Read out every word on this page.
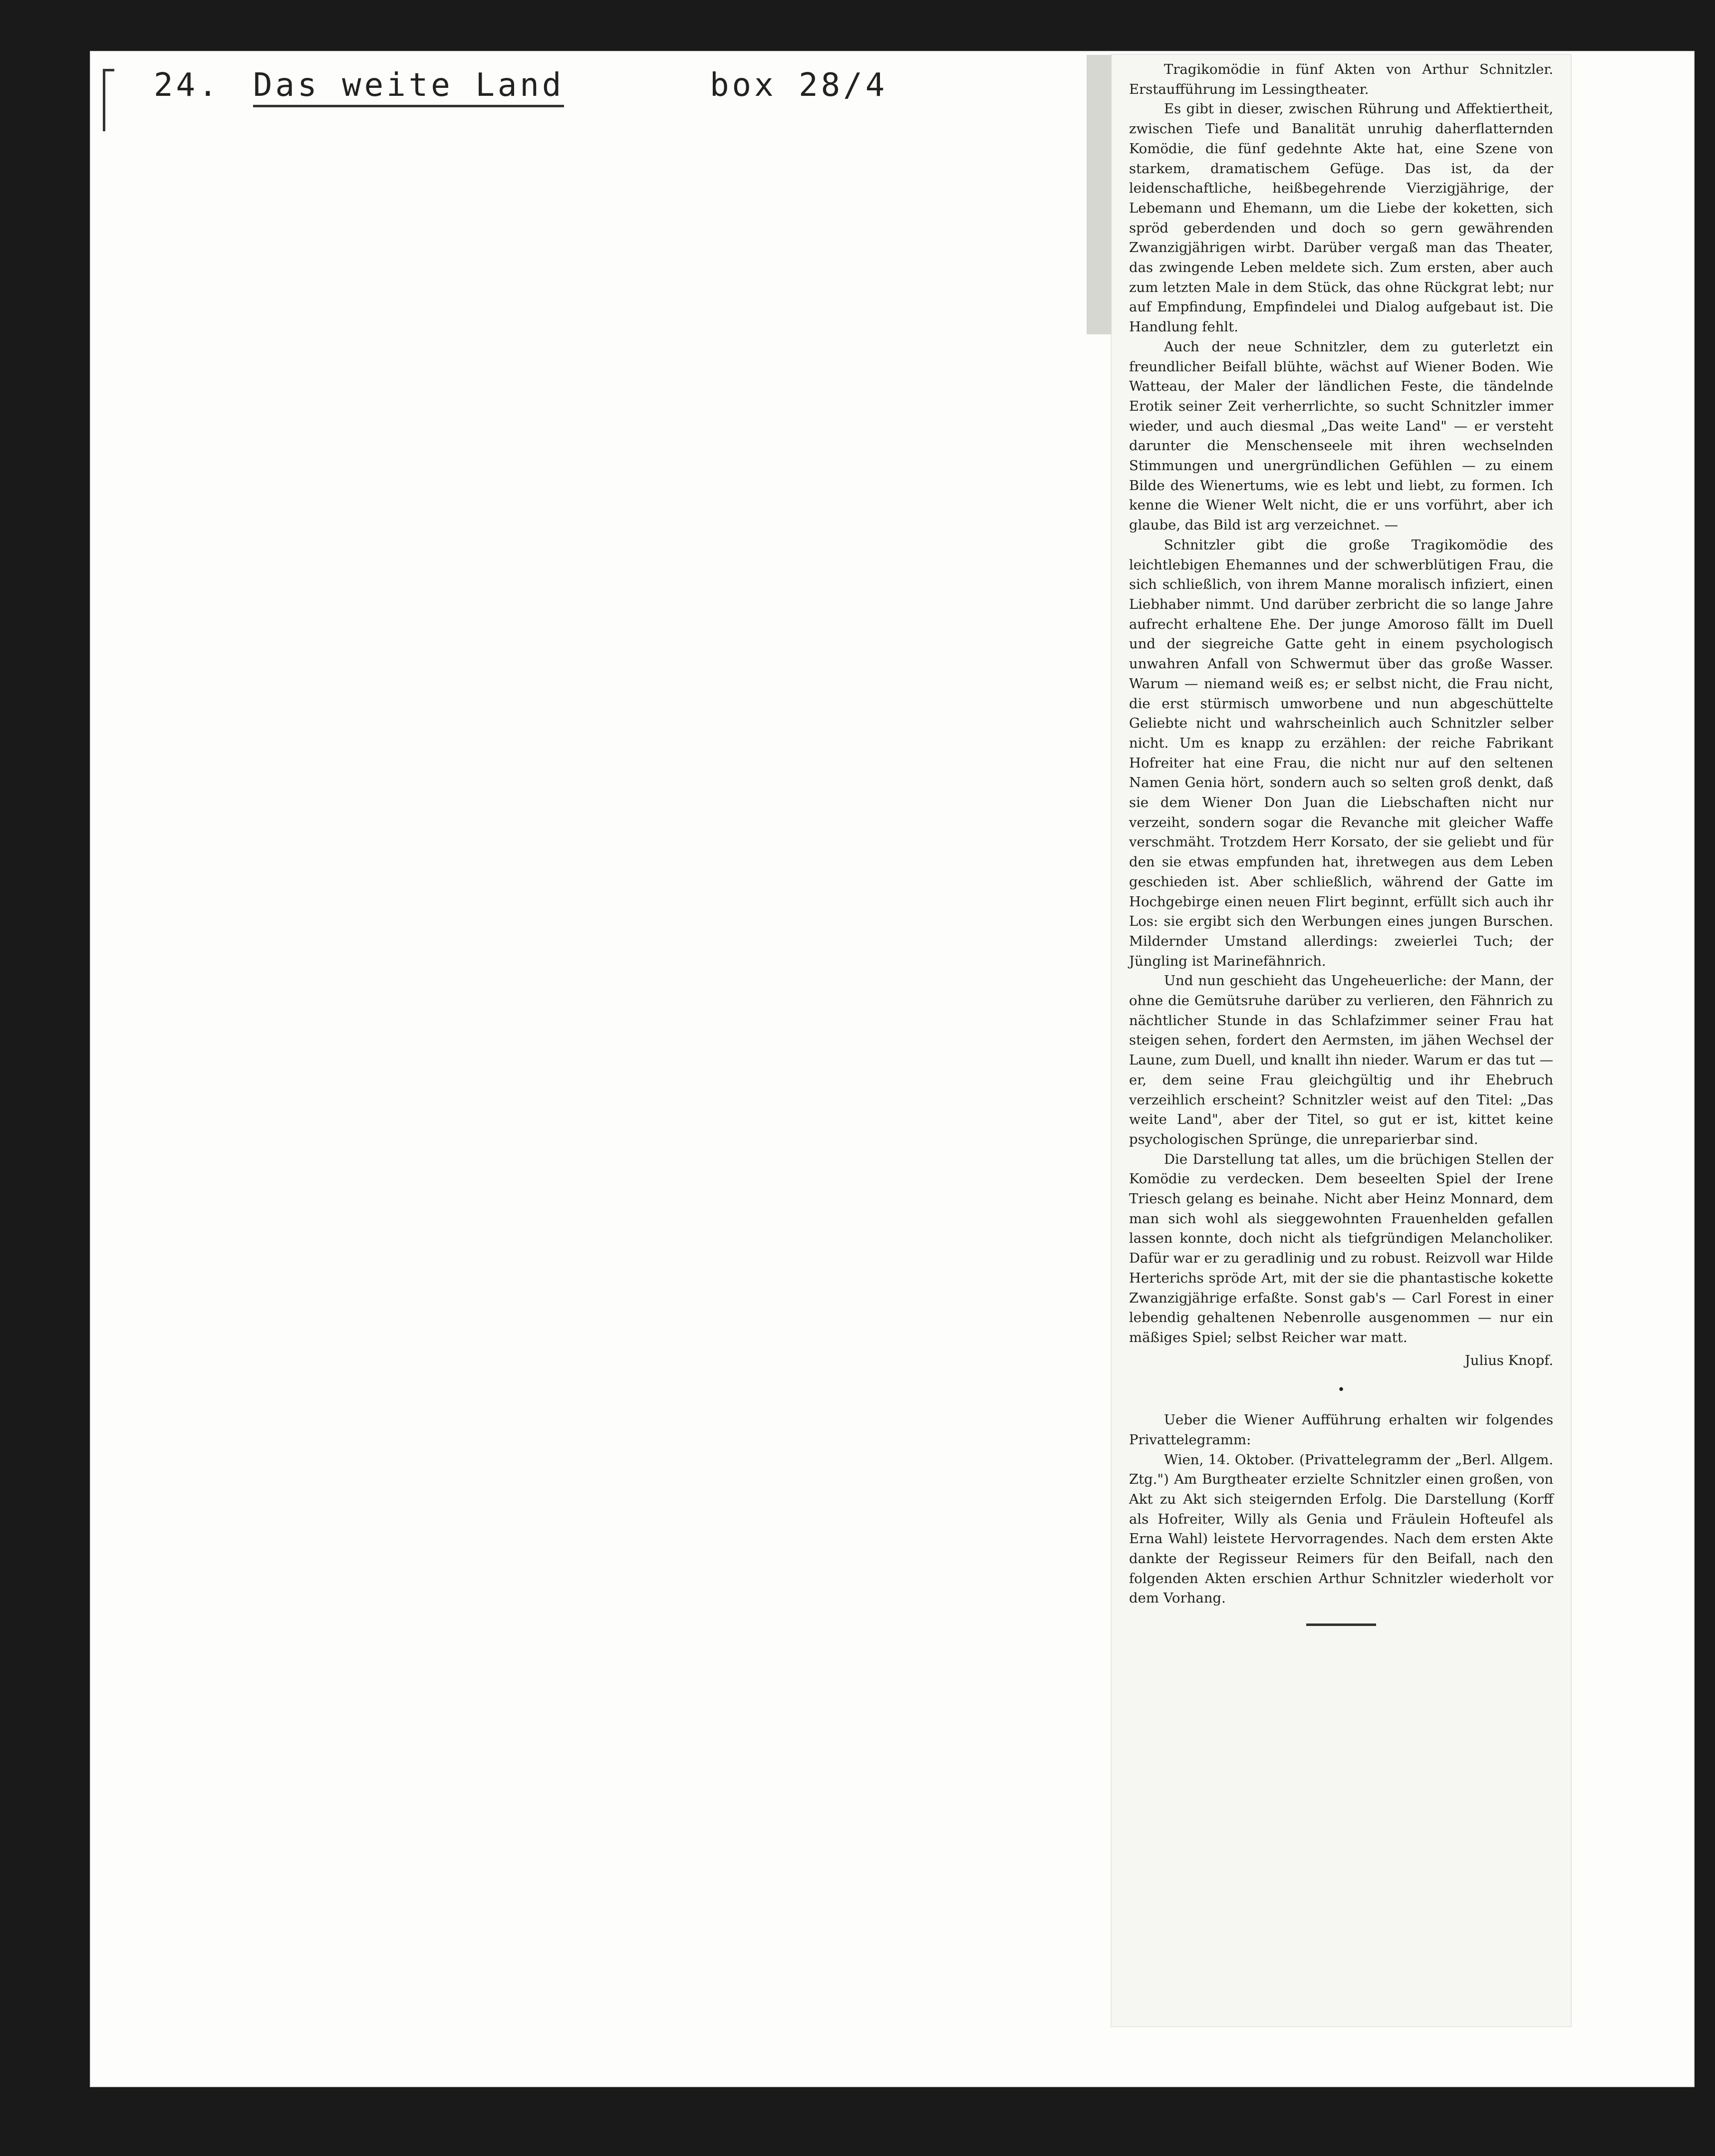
24. Das weite Land	box 28/4	Tragikomödie in fünf Akten von Arthur Schnitzler. Erstaufführung im Lessingtheater.

Es gibt in dieser, zwischen Rührung und Affektiertheit, zwischen Tiefe und Banalität unruhig daherflatternden Komödie, die fünf gedehnte Akte hat, eine Szene von starkem, dramatischem Gefüge. Das ist, da der leidenschaftliche, heißbegehrende Vierzigjährige, der Lebemann und Ehemann, um die Liebe der koketten, sich spröd geberdenden und doch so gern gewährenden Zwanzigjährigen wirbt. Darüber vergaß man das Theater, das zwingende Leben meldete sich. Zum ersten, aber auch zum letzten Male in dem Stück, das ohne Rückgrat lebt; nur auf Empfindung, Empfindelei und Dialog aufgebaut ist. Die Handlung fehlt.

Auch der neue Schnitzler, dem zu guterletzt ein freundlicher Beifall blühte, wächst auf Wiener Boden. Wie Watteau, der Maler der ländlichen Feste, die tändelnde Erotik seiner Zeit verherrlichte, so sucht Schnitzler immer wieder, und auch diesmal „Das weite Land" — er versteht darunter die Menschenseele mit ihren wechselnden Stimmungen und unergründlichen Gefühlen — zu einem Bilde des Wienertums, wie es lebt und liebt, zu formen. Ich kenne die Wiener Welt nicht, die er uns vorführt, aber ich glaube, das Bild ist arg verzeichnet. —

Schnitzler gibt die große Tragikomödie des leichtlebigen Ehemannes und der schwerblütigen Frau, die sich schließlich, von ihrem Manne moralisch infiziert, einen Liebhaber nimmt. Und darüber zerbricht die so lange Jahre aufrecht erhaltene Ehe. Der junge Amoroso fällt im Duell und der siegreiche Gatte geht in einem psychologisch unwahren Anfall von Schwermut über das große Wasser. Warum — niemand weiß es; er selbst nicht, die Frau nicht, die erst stürmisch umworbene und nun abgeschüttelte Geliebte nicht und wahrscheinlich auch Schnitzler selber nicht. Um es knapp zu erzählen: der reiche Fabrikant Hofreiter hat eine Frau, die nicht nur auf den seltenen Namen Genia hört, sondern auch so selten groß denkt, daß sie dem Wiener Don Juan die Liebschaften nicht nur verzeiht, sondern sogar die Revanche mit gleicher Waffe verschmäht. Trotzdem Herr Korsato, der sie geliebt und für den sie etwas empfunden hat, ihretwegen aus dem Leben geschieden ist. Aber schließlich, während der Gatte im Hochgebirge einen neuen Flirt beginnt, erfüllt sich auch ihr Los: sie ergibt sich den Werbungen eines jungen Burschen. Mildernder Umstand allerdings: zweierlei Tuch; der Jüngling ist Marinefähnrich.

Und nun geschieht das Ungeheuerliche: der Mann, der ohne die Gemütsruhe darüber zu verlieren, den Fähnrich zu nächtlicher Stunde in das Schlafzimmer seiner Frau hat steigen sehen, fordert den Aermsten, im jähen Wechsel der Laune, zum Duell, und knallt ihn nieder. Warum er das tut — er, dem seine Frau gleichgültig und ihr Ehebruch verzeihlich erscheint? Schnitzler weist auf den Titel: „Das weite Land", aber der Titel, so gut er ist, kittet keine psychologischen Sprünge, die unreparierbar sind.

Die Darstellung tat alles, um die brüchigen Stellen der Komödie zu verdecken. Dem beseelten Spiel der Irene Triesch gelang es beinahe. Nicht aber Heinz Monnard, dem man sich wohl als sieggewohnten Frauenhelden gefallen lassen konnte, doch nicht als tiefgründigen Melancholiker. Dafür war er zu geradlinig und zu robust. Reizvoll war Hilde Herterichs spröde Art, mit der sie die phantastische kokette Zwanzigjährige erfaßte. Sonst gab's — Carl Forest in einer lebendig gehaltenen Nebenrolle ausgenommen — nur ein mäßiges Spiel; selbst Reicher war matt.

Julius Knopf.

•

Ueber die Wiener Aufführung erhalten wir folgendes Privattelegramm:

Wien, 14. Oktober. (Privattelegramm der „Berl. Allgem. Ztg.") Am Burgtheater erzielte Schnitzler einen großen, von Akt zu Akt sich steigernden Erfolg. Die Darstellung (Korff als Hofreiter, Willy als Genia und Fräulein Hofteufel als Erna Wahl) leistete Hervorragendes. Nach dem ersten Akte dankte der Regisseur Reimers für den Beifall, nach den folgenden Akten erschien Arthur Schnitzler wiederholt vor dem Vorhang.
